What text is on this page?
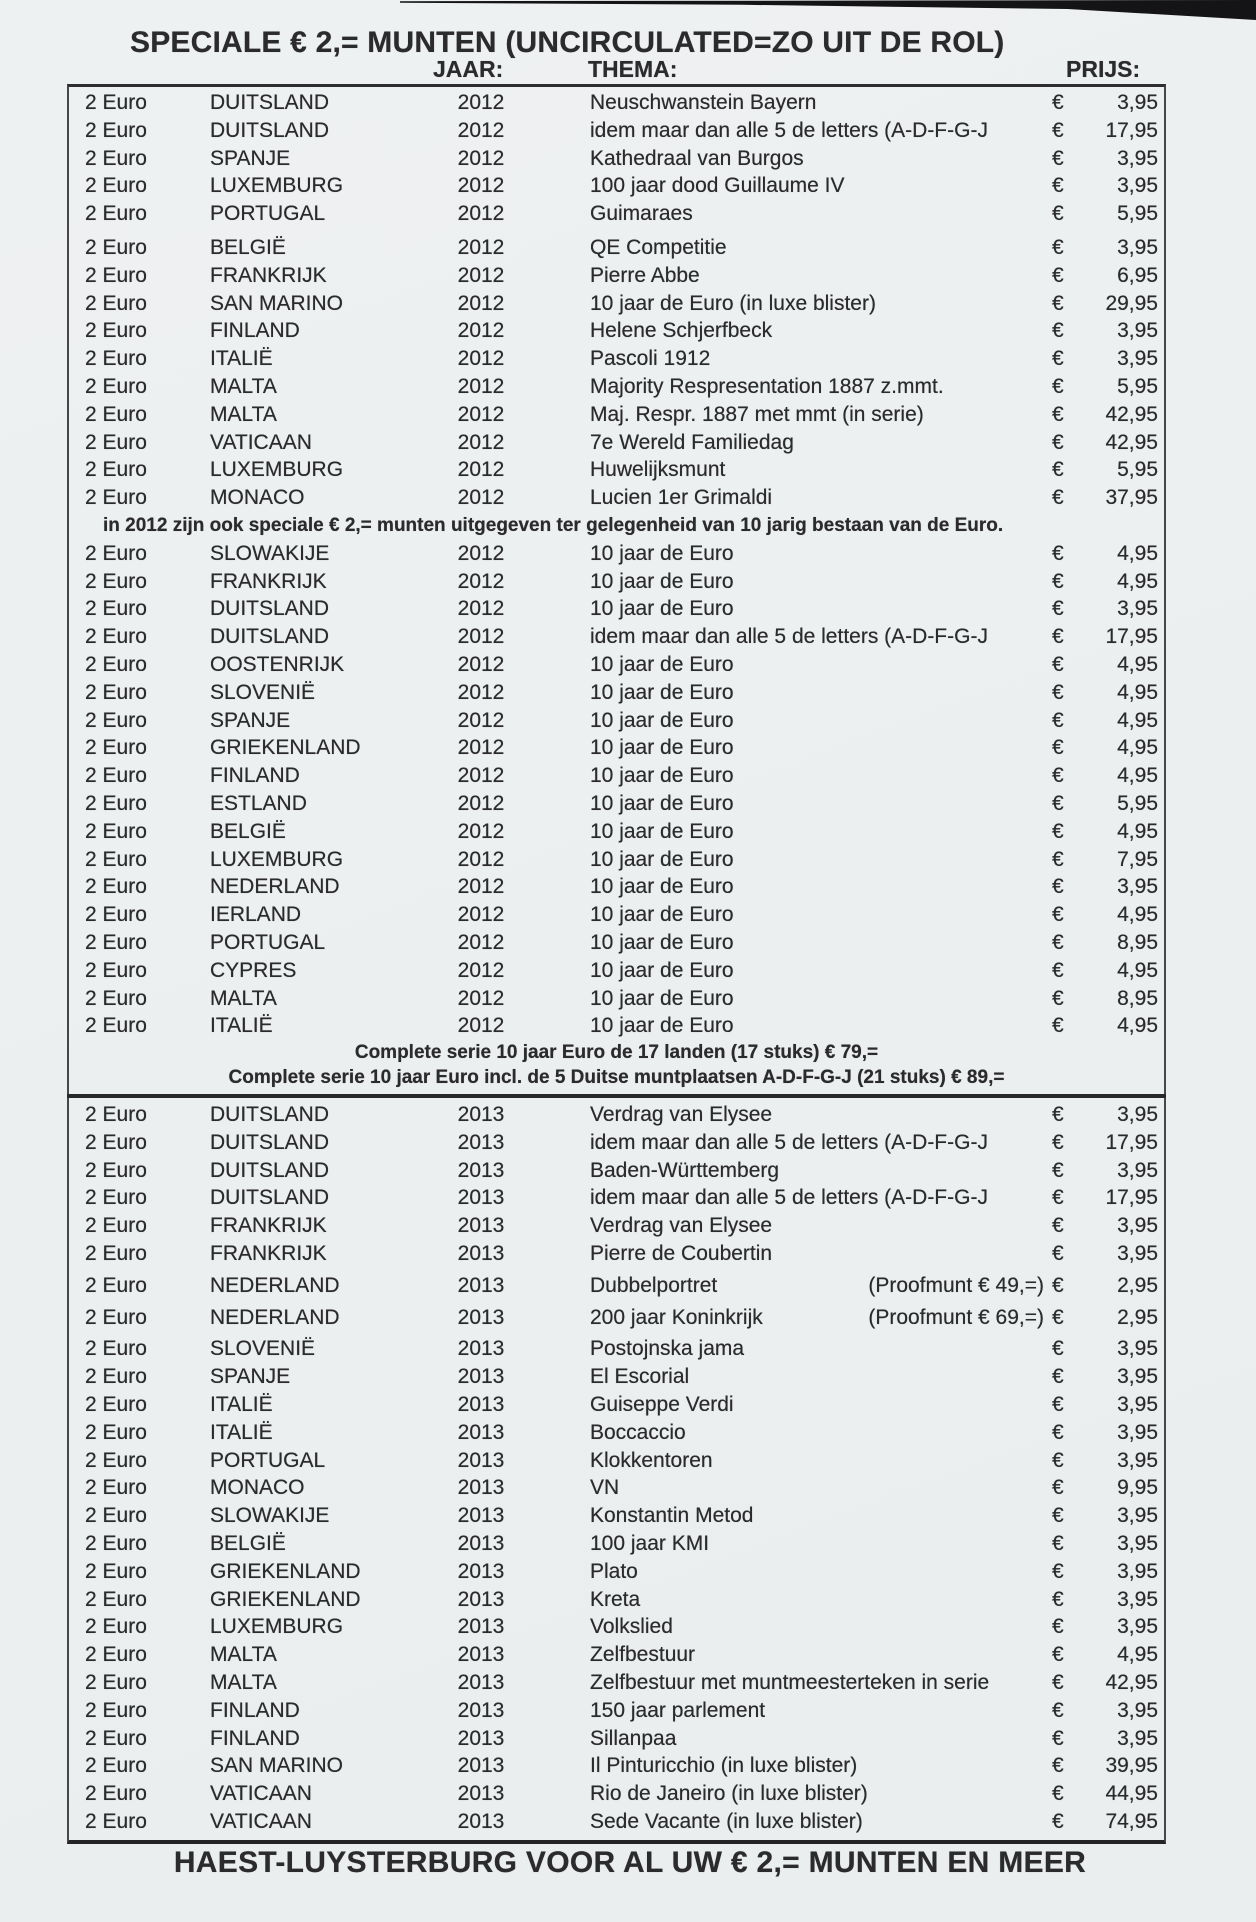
SPECIALE € 2,= MUNTEN (UNCIRCULATED=ZO UIT DE ROL)
JAAR:	THEMA:	PRIJS:
2 Euro	DUITSLAND	2012	Neuschwanstein Bayern	€	3,95
2 Euro	DUITSLAND	2012	idem maar dan alle 5 de letters (A-D-F-G-J	€	17,95
2 Euro	SPANJE	2012	Kathedraal van Burgos	€	3,95
2 Euro	LUXEMBURG	2012	100 jaar dood Guillaume IV	€	3,95
2 Euro	PORTUGAL	2012	Guimaraes	€	5,95
2 Euro	BELGIË	2012	QE Competitie	€	3,95
2 Euro	FRANKRIJK	2012	Pierre Abbe	€	6,95
2 Euro	SAN MARINO	2012	10 jaar de Euro (in luxe blister)	€	29,95
2 Euro	FINLAND	2012	Helene Schjerfbeck	€	3,95
2 Euro	ITALIË	2012	Pascoli 1912	€	3,95
2 Euro	MALTA	2012	Majority Respresentation 1887 z.mmt.	€	5,95
2 Euro	MALTA	2012	Maj. Respr. 1887 met mmt (in serie)	€	42,95
2 Euro	VATICAAN	2012	7e Wereld Familiedag	€	42,95
2 Euro	LUXEMBURG	2012	Huwelijksmunt	€	5,95
2 Euro	MONACO	2012	Lucien 1er Grimaldi	€	37,95
in 2012 zijn ook speciale € 2,= munten uitgegeven ter gelegenheid van 10 jarig bestaan van de Euro.
2 Euro	SLOWAKIJE	2012	10 jaar de Euro	€	4,95
2 Euro	FRANKRIJK	2012	10 jaar de Euro	€	4,95
2 Euro	DUITSLAND	2012	10 jaar de Euro	€	3,95
2 Euro	DUITSLAND	2012	idem maar dan alle 5 de letters (A-D-F-G-J	€	17,95
2 Euro	OOSTENRIJK	2012	10 jaar de Euro	€	4,95
2 Euro	SLOVENIË	2012	10 jaar de Euro	€	4,95
2 Euro	SPANJE	2012	10 jaar de Euro	€	4,95
2 Euro	GRIEKENLAND	2012	10 jaar de Euro	€	4,95
2 Euro	FINLAND	2012	10 jaar de Euro	€	4,95
2 Euro	ESTLAND	2012	10 jaar de Euro	€	5,95
2 Euro	BELGIË	2012	10 jaar de Euro	€	4,95
2 Euro	LUXEMBURG	2012	10 jaar de Euro	€	7,95
2 Euro	NEDERLAND	2012	10 jaar de Euro	€	3,95
2 Euro	IERLAND	2012	10 jaar de Euro	€	4,95
2 Euro	PORTUGAL	2012	10 jaar de Euro	€	8,95
2 Euro	CYPRES	2012	10 jaar de Euro	€	4,95
2 Euro	MALTA	2012	10 jaar de Euro	€	8,95
2 Euro	ITALIË	2012	10 jaar de Euro	€	4,95
Complete serie 10 jaar Euro de 17 landen (17 stuks) € 79,=
Complete serie 10 jaar Euro incl. de 5 Duitse muntplaatsen A-D-F-G-J (21 stuks) € 89,=
2 Euro	DUITSLAND	2013	Verdrag van Elysee	€	3,95
2 Euro	DUITSLAND	2013	idem maar dan alle 5 de letters (A-D-F-G-J	€	17,95
2 Euro	DUITSLAND	2013	Baden-Württemberg	€	3,95
2 Euro	DUITSLAND	2013	idem maar dan alle 5 de letters (A-D-F-G-J	€	17,95
2 Euro	FRANKRIJK	2013	Verdrag van Elysee	€	3,95
2 Euro	FRANKRIJK	2013	Pierre de Coubertin	€	3,95
2 Euro	NEDERLAND	2013	Dubbelportret	(Proofmunt € 49,=) €	2,95
2 Euro	NEDERLAND	2013	200 jaar Koninkrijk	(Proofmunt € 69,=) €	2,95
2 Euro	SLOVENIË	2013	Postojnska jama	€	3,95
2 Euro	SPANJE	2013	El Escorial	€	3,95
2 Euro	ITALIË	2013	Guiseppe Verdi	€	3,95
2 Euro	ITALIË	2013	Boccaccio	€	3,95
2 Euro	PORTUGAL	2013	Klokkentoren	€	3,95
2 Euro	MONACO	2013	VN	€	9,95
2 Euro	SLOWAKIJE	2013	Konstantin Metod	€	3,95
2 Euro	BELGIË	2013	100 jaar KMI	€	3,95
2 Euro	GRIEKENLAND	2013	Plato	€	3,95
2 Euro	GRIEKENLAND	2013	Kreta	€	3,95
2 Euro	LUXEMBURG	2013	Volkslied	€	3,95
2 Euro	MALTA	2013	Zelfbestuur	€	4,95
2 Euro	MALTA	2013	Zelfbestuur met muntmeesterteken in serie	€	42,95
2 Euro	FINLAND	2013	150 jaar parlement	€	3,95
2 Euro	FINLAND	2013	Sillanpaa	€	3,95
2 Euro	SAN MARINO	2013	Il Pinturicchio (in luxe blister)	€	39,95
2 Euro	VATICAAN	2013	Rio de Janeiro (in luxe blister)	€	44,95
2 Euro	VATICAAN	2013	Sede Vacante (in luxe blister)	€	74,95
HAEST-LUYSTERBURG VOOR AL UW € 2,= MUNTEN EN MEER
